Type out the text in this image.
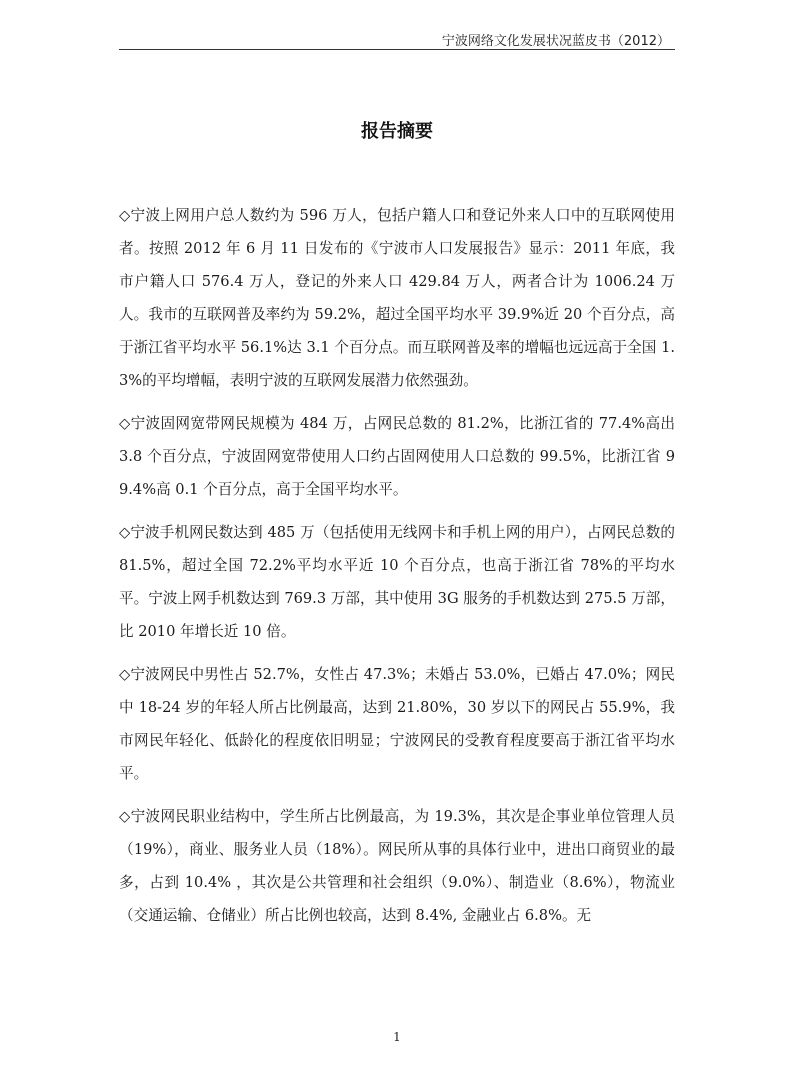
宁波网络文化发展状况蓝皮书（2012）
报告摘要

◇宁波上网用户总人数约为 596 万人，包括户籍人口和登记外来人口中的互联网使用者。按照 2012 年 6 月 11 日发布的《宁波市人口发展报告》显示：2011 年底，我市户籍人口 576.4 万人，登记的外来人口 429.84 万人，两者合计为 1006.24 万人。我市的互联网普及率约为 59.2%，超过全国平均水平 39.9%近 20 个百分点，高于浙江省平均水平 56.1%达 3.1 个百分点。而互联网普及率的增幅也远远高于全国 1.3%的平均增幅，表明宁波的互联网发展潜力依然强劲。

◇宁波固网宽带网民规模为 484 万，占网民总数的 81.2%，比浙江省的 77.4%高出 3.8 个百分点，宁波固网宽带使用人口约占固网使用人口总数的 99.5%，比浙江省 99.4%高 0.1 个百分点，高于全国平均水平。

◇宁波手机网民数达到 485 万（包括使用无线网卡和手机上网的用户），占网民总数的 81.5%，超过全国 72.2%平均水平近 10 个百分点，也高于浙江省 78%的平均水平。宁波上网手机数达到 769.3 万部，其中使用 3G 服务的手机数达到 275.5 万部，比 2010 年增长近 10 倍。

◇宁波网民中男性占 52.7%，女性占 47.3%；未婚占 53.0%，已婚占 47.0%；网民中 18-24 岁的年轻人所占比例最高，达到 21.80%，30 岁以下的网民占 55.9%，我市网民年轻化、低龄化的程度依旧明显；宁波网民的受教育程度要高于浙江省平均水平。

◇宁波网民职业结构中，学生所占比例最高，为 19.3%，其次是企事业单位管理人员（19%），商业、服务业人员（18%）。网民所从事的具体行业中，进出口商贸业的最多，占到 10.4% ，其次是公共管理和社会组织（9.0%）、制造业（8.6%），物流业（交通运输、仓储业）所占比例也较高，达到 8.4%, 金融业占 6.8%。无

1
